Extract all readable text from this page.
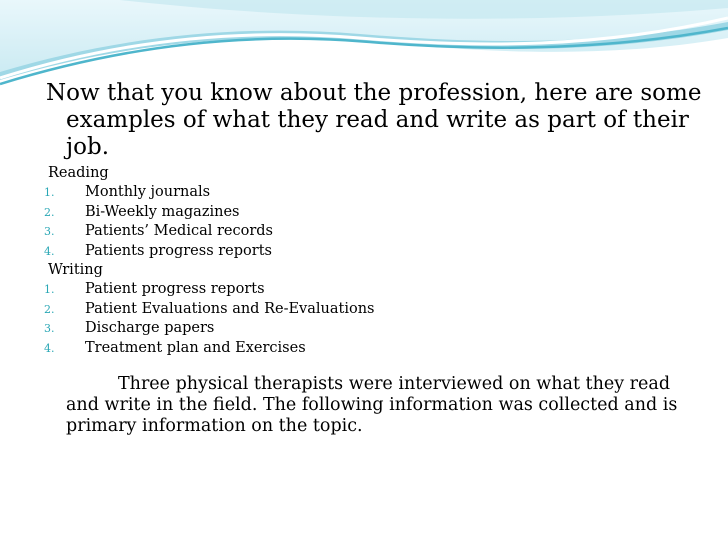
Now that you know about the profession, here are some examples of what they read and write as part of their job.
Reading
1. Monthly journals
2. Bi-Weekly magazines
3. Patients’ Medical records
4. Patients progress reports
Writing
1. Patient progress reports
2. Patient Evaluations and Re-Evaluations
3. Discharge papers
4. Treatment plan and Exercises
Three physical therapists were interviewed on what they read and write in the field. The following information was collected and is primary information on the topic.
